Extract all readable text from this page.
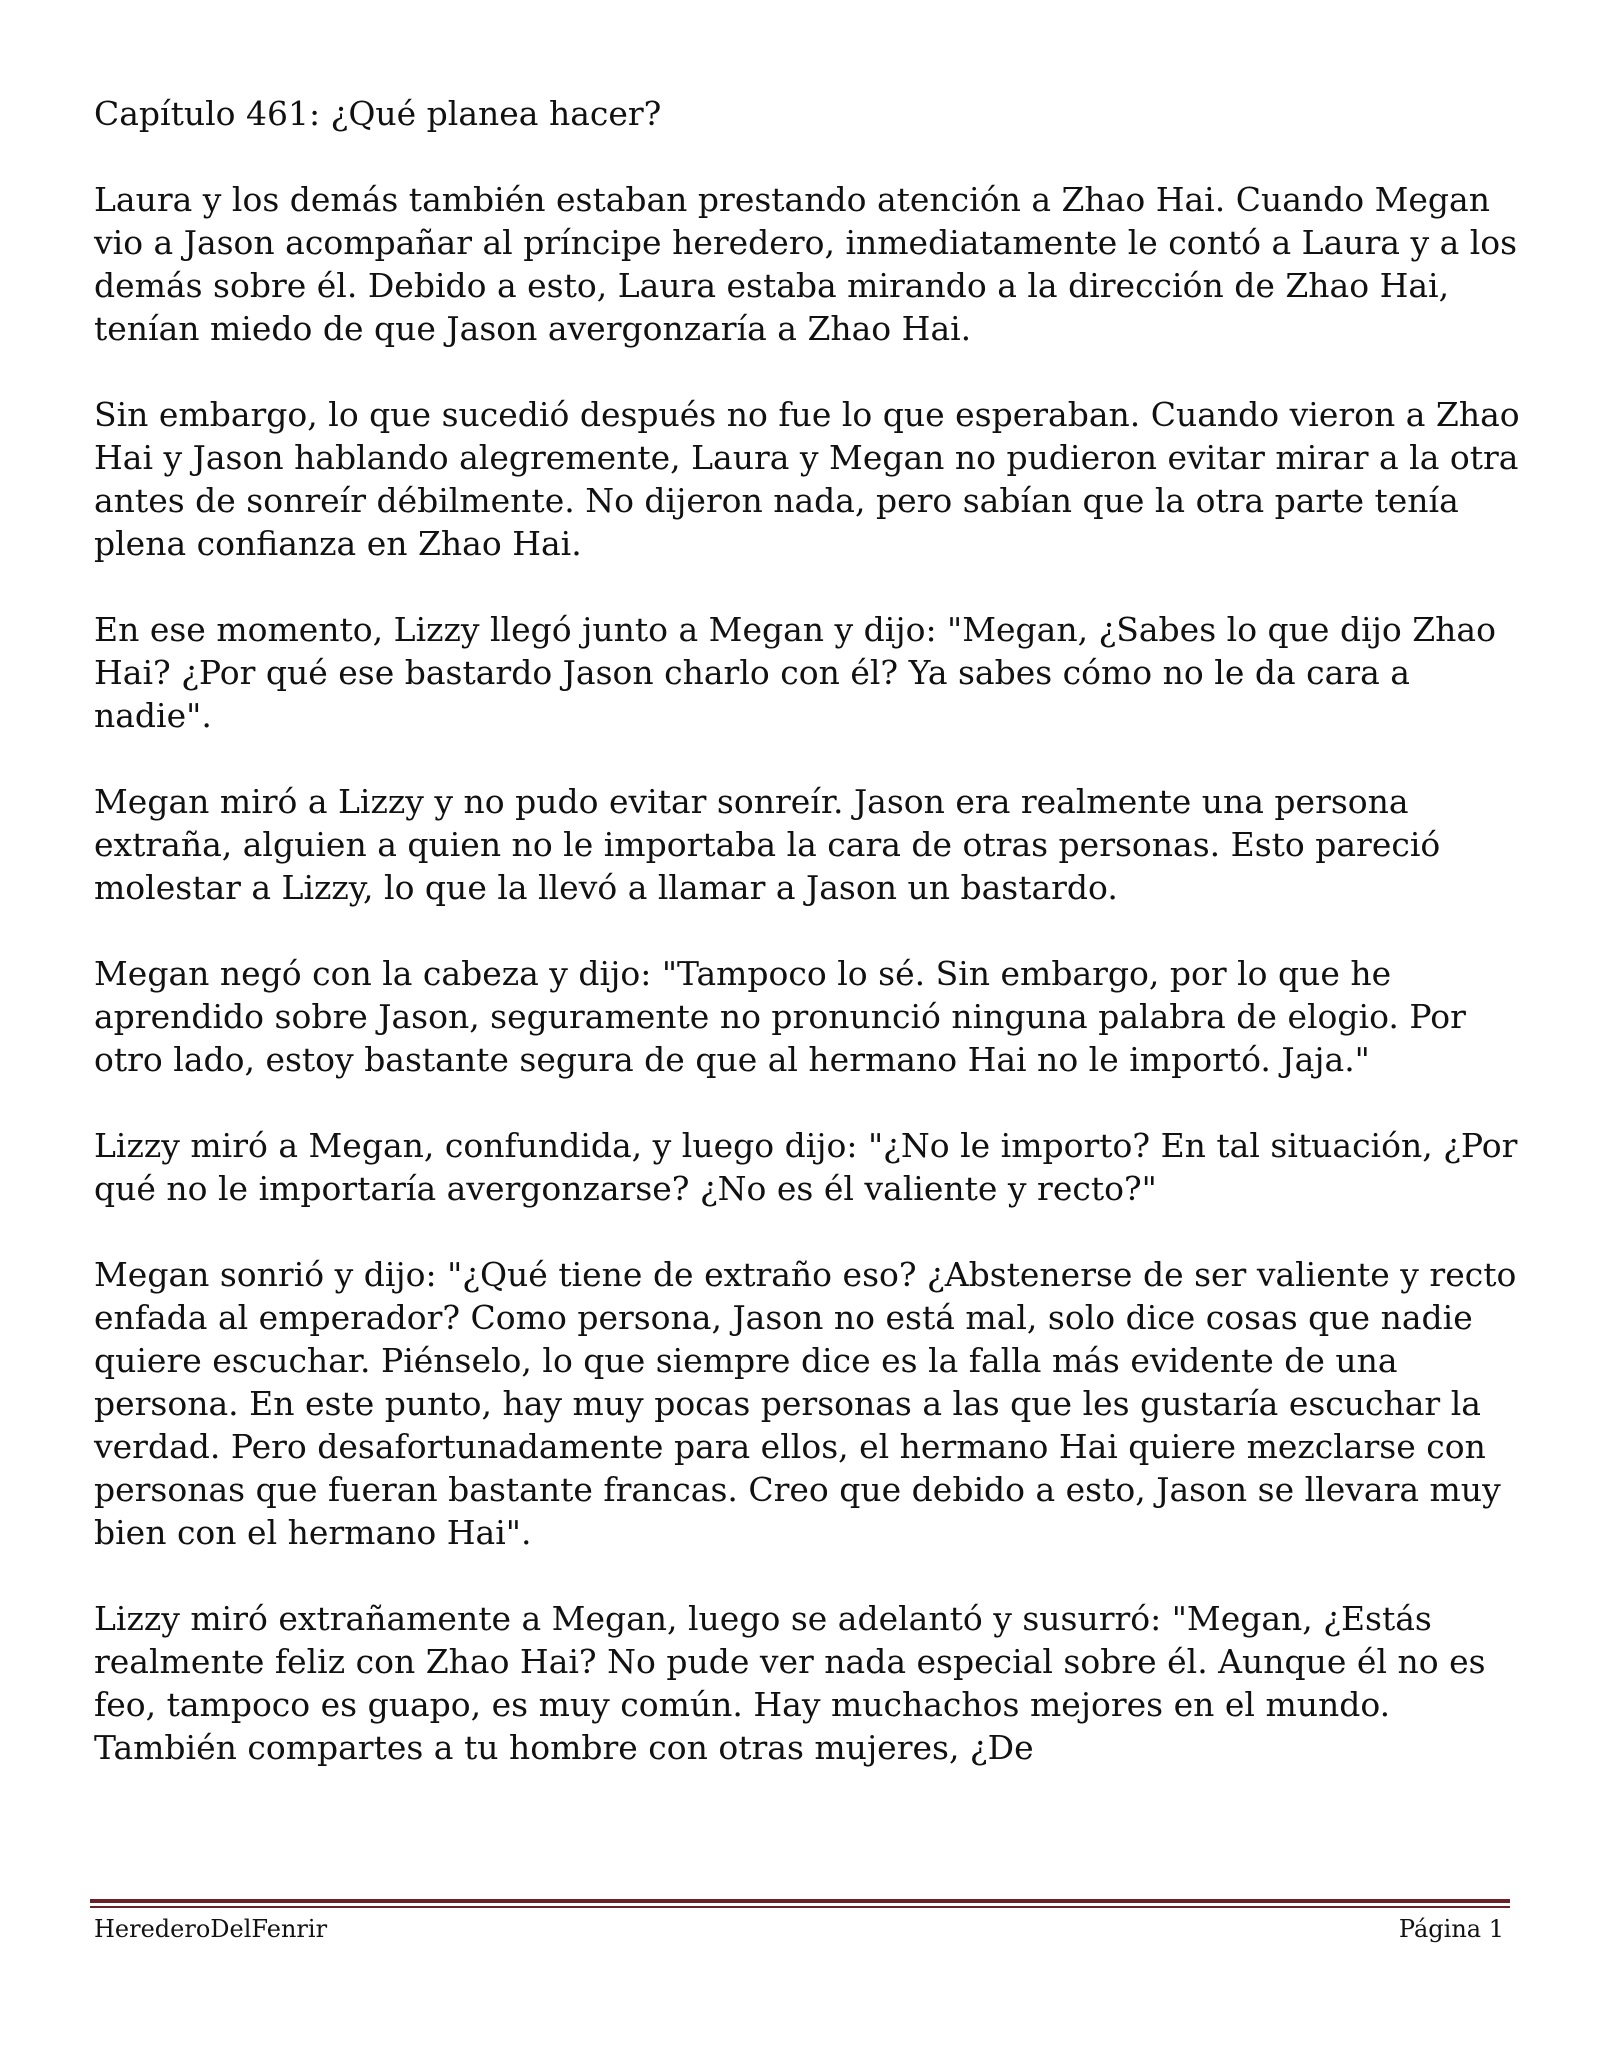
Capítulo 461: ¿Qué planea hacer?

Laura y los demás también estaban prestando atención a Zhao Hai. Cuando Megan vio a Jason acompañar al príncipe heredero, inmediatamente le contó a Laura y a los demás sobre él. Debido a esto, Laura estaba mirando a la dirección de Zhao Hai, tenían miedo de que Jason avergonzaría a Zhao Hai.

Sin embargo, lo que sucedió después no fue lo que esperaban. Cuando vieron a Zhao Hai y Jason hablando alegremente, Laura y Megan no pudieron evitar mirar a la otra antes de sonreír débilmente. No dijeron nada, pero sabían que la otra parte tenía plena confianza en Zhao Hai.

En ese momento, Lizzy llegó junto a Megan y dijo: "Megan, ¿Sabes lo que dijo Zhao Hai? ¿Por qué ese bastardo Jason charlo con él? Ya sabes cómo no le da cara a nadie".

Megan miró a Lizzy y no pudo evitar sonreír. Jason era realmente una persona extraña, alguien a quien no le importaba la cara de otras personas. Esto pareció molestar a Lizzy, lo que la llevó a llamar a Jason un bastardo.

Megan negó con la cabeza y dijo: "Tampoco lo sé. Sin embargo, por lo que he aprendido sobre Jason, seguramente no pronunció ninguna palabra de elogio. Por otro lado, estoy bastante segura de que al hermano Hai no le importó. Jaja."

Lizzy miró a Megan, confundida, y luego dijo: "¿No le importo? En tal situación, ¿Por qué no le importaría avergonzarse? ¿No es él valiente y recto?"

Megan sonrió y dijo: "¿Qué tiene de extraño eso? ¿Abstenerse de ser valiente y recto enfada al emperador? Como persona, Jason no está mal, solo dice cosas que nadie quiere escuchar. Piénselo, lo que siempre dice es la falla más evidente de una persona. En este punto, hay muy pocas personas a las que les gustaría escuchar la verdad. Pero desafortunadamente para ellos, el hermano Hai quiere mezclarse con personas que fueran bastante francas. Creo que debido a esto, Jason se llevara muy bien con el hermano Hai".

Lizzy miró extrañamente a Megan, luego se adelantó y susurró: "Megan, ¿Estás realmente feliz con Zhao Hai? No pude ver nada especial sobre él. Aunque él no es feo, tampoco es guapo, es muy común. Hay muchachos mejores en el mundo. También compartes a tu hombre con otras mujeres, ¿De

HerederoDelFenrir	Página 1
